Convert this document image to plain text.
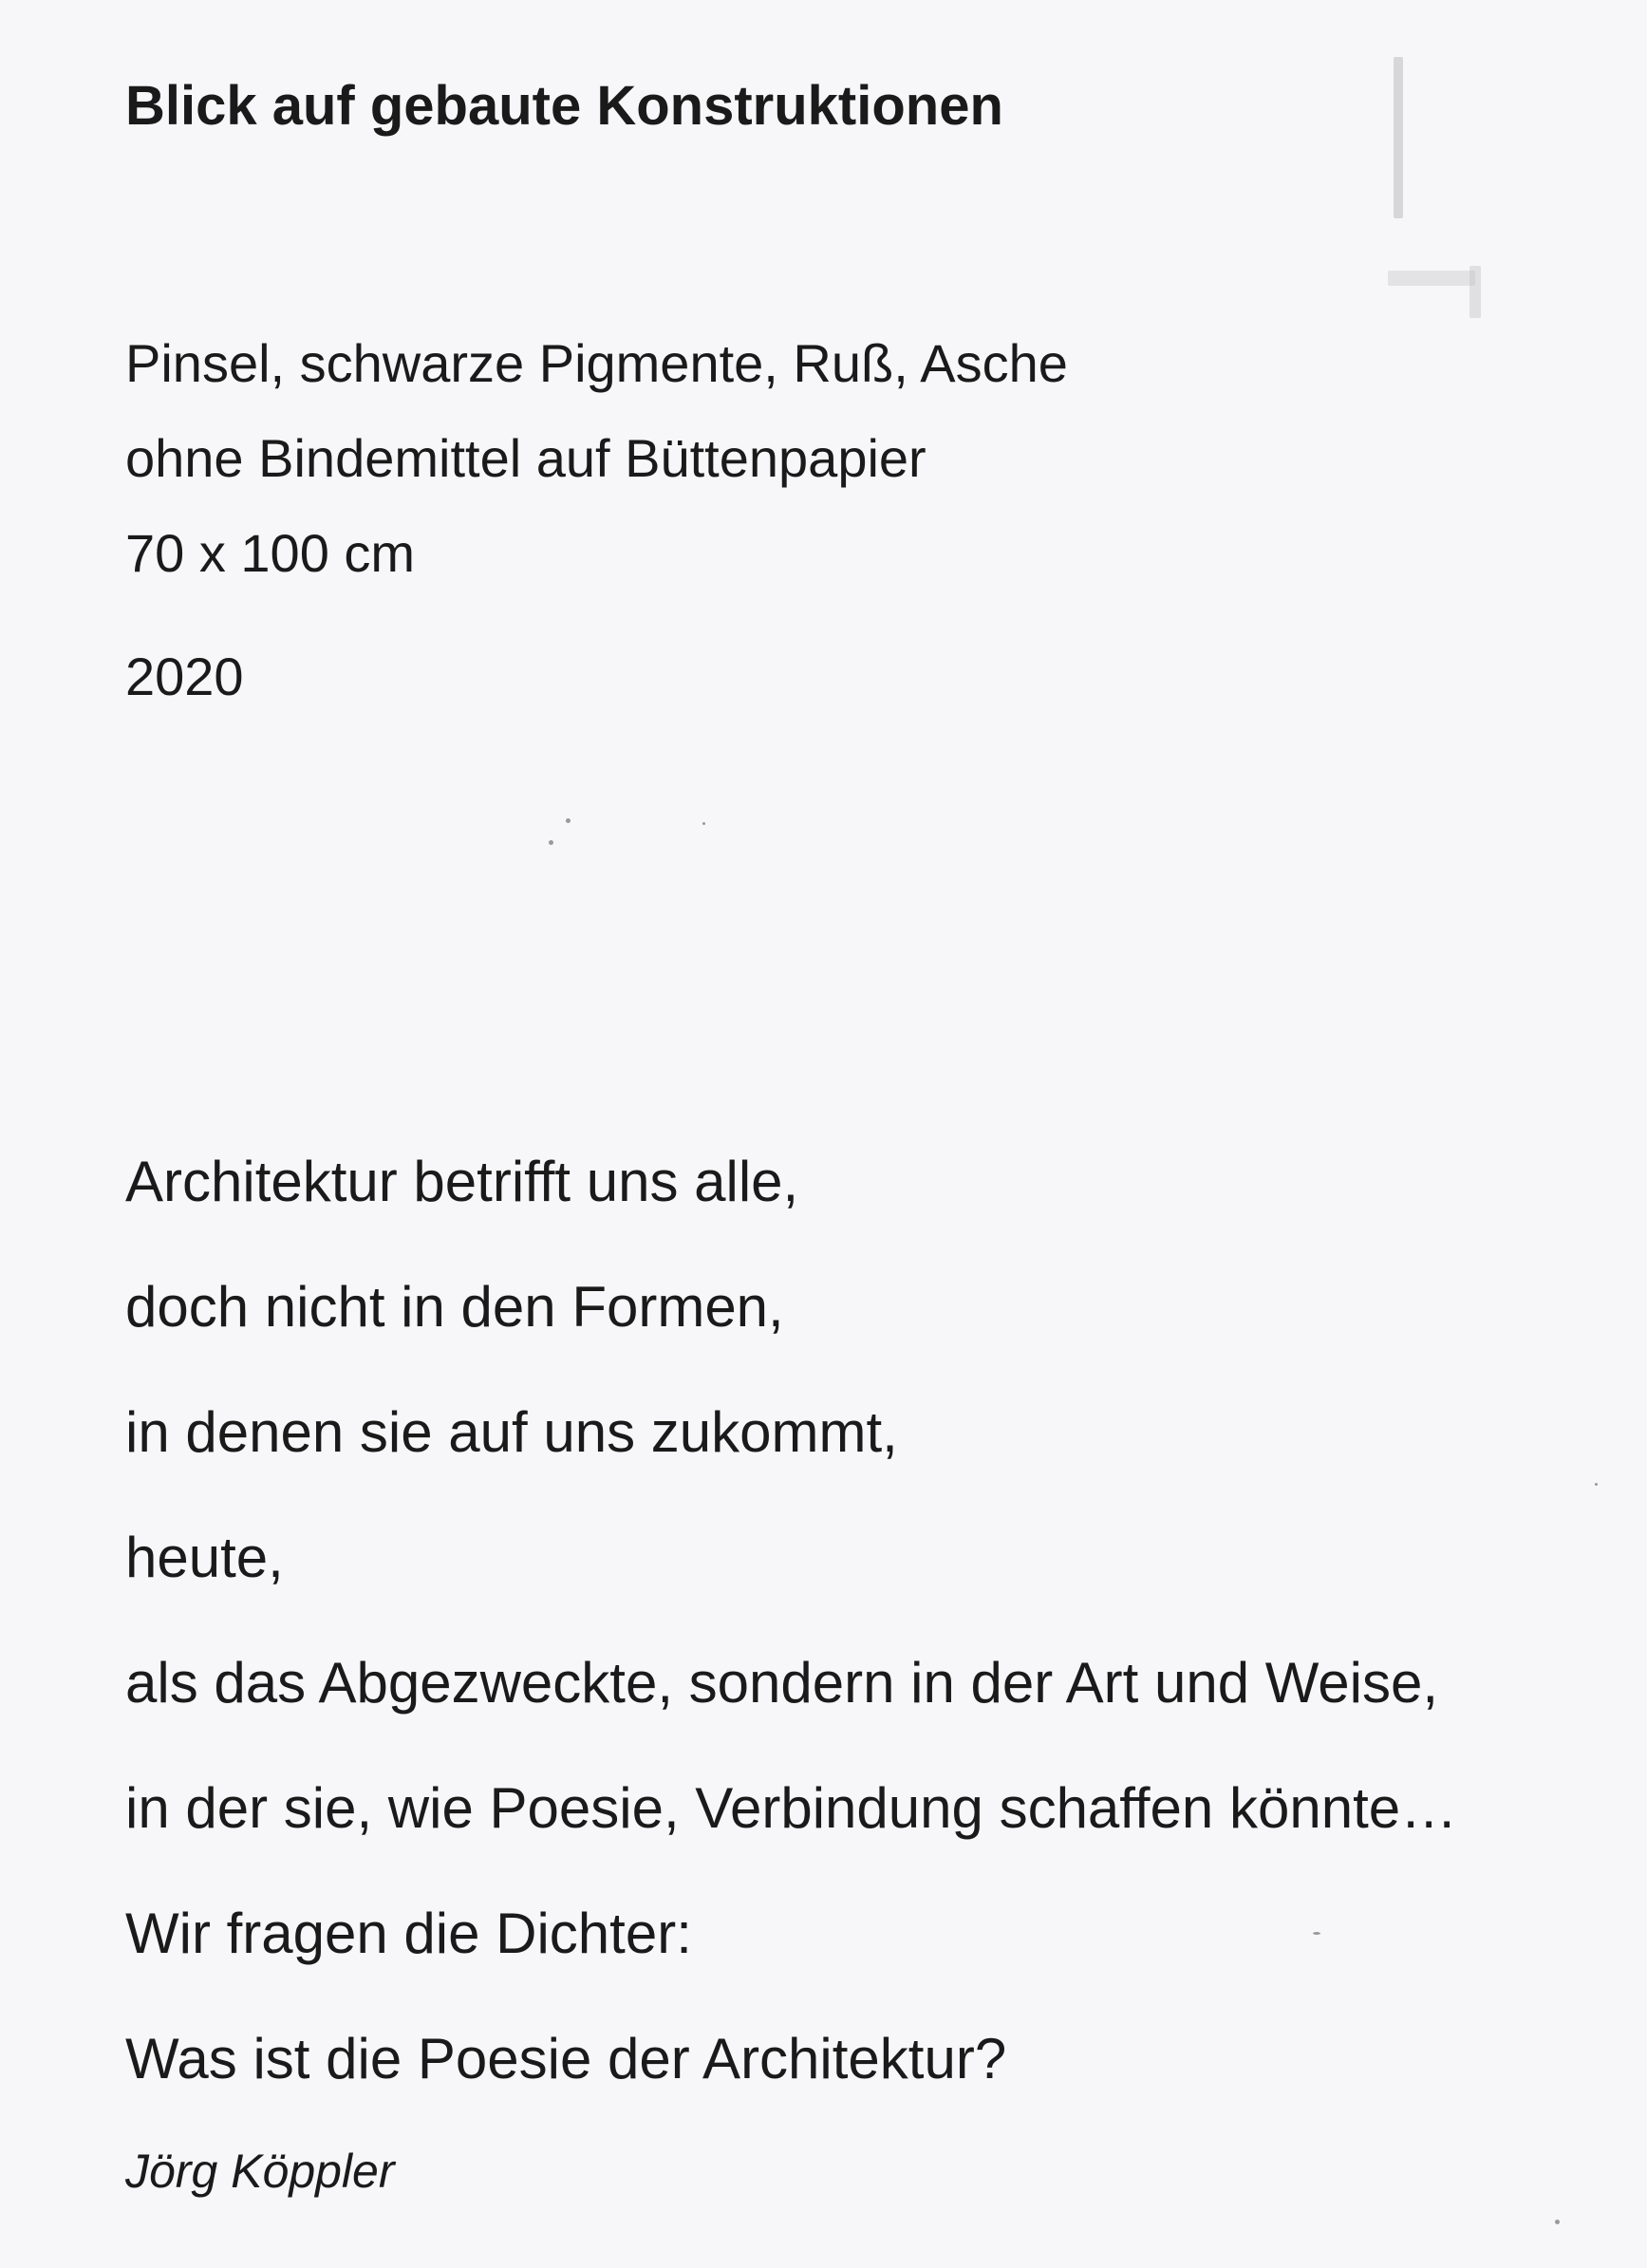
Blick auf gebaute Konstruktionen
Pinsel, schwarze Pigmente, Ruß, Asche
ohne Bindemittel auf Büttenpapier
70 x 100 cm
2020
Architektur betrifft uns alle,
doch nicht in den Formen,
in denen sie auf uns zukommt,
heute,
als das Abgezweckte, sondern in der Art und Weise,
in der sie, wie Poesie, Verbindung schaffen könnte…
Wir fragen die Dichter:
Was ist die Poesie der Architektur?
Jörg Köppler
